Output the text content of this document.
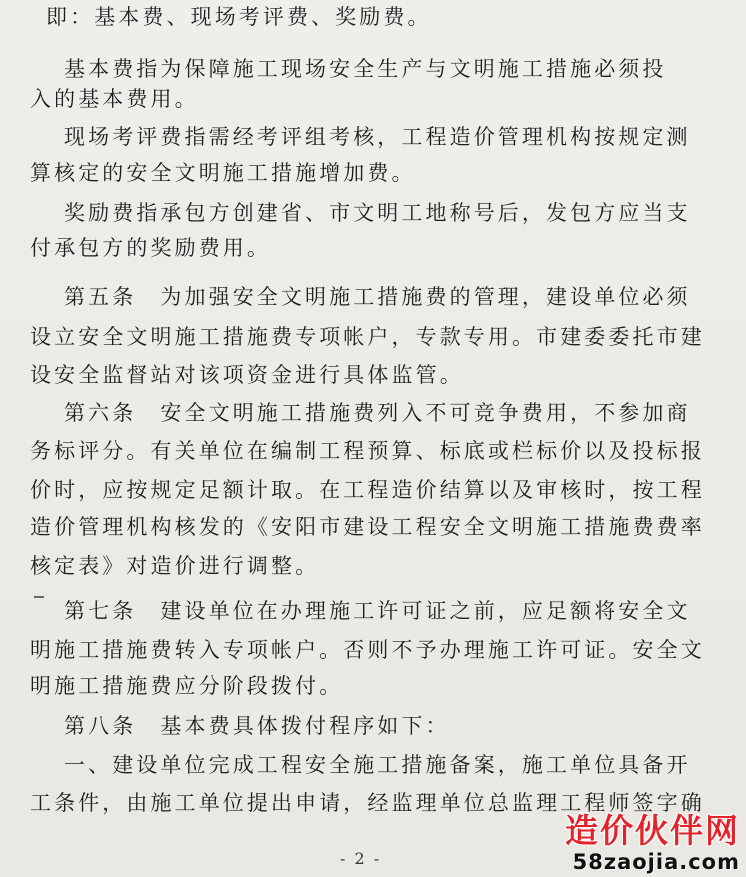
即：基本费、现场考评费、奖励费。
基本费指为保障施工现场安全生产与文明施工措施必须投
入的基本费用。
现场考评费指需经考评组考核，工程造价管理机构按规定测
算核定的安全文明施工措施增加费。
奖励费指承包方创建省、市文明工地称号后，发包方应当支
付承包方的奖励费用。
第五条　为加强安全文明施工措施费的管理，建设单位必须
设立安全文明施工措施费专项帐户，专款专用。市建委委托市建
设安全监督站对该项资金进行具体监管。
第六条　安全文明施工措施费列入不可竞争费用，不参加商
务标评分。有关单位在编制工程预算、标底或栏标价以及投标报
价时，应按规定足额计取。在工程造价结算以及审核时，按工程
造价管理机构核发的《安阳市建设工程安全文明施工措施费费率
核定表》对造价进行调整。
第七条　建设单位在办理施工许可证之前，应足额将安全文
明施工措施费转入专项帐户。否则不予办理施工许可证。安全文
明施工措施费应分阶段拨付。
第八条　基本费具体拨付程序如下：
一、建设单位完成工程安全施工措施备案，施工单位具备开
工条件，由施工单位提出申请，经监理单位总监理工程师签字确
- 2 -
造价伙伴网
58zaojia.com
